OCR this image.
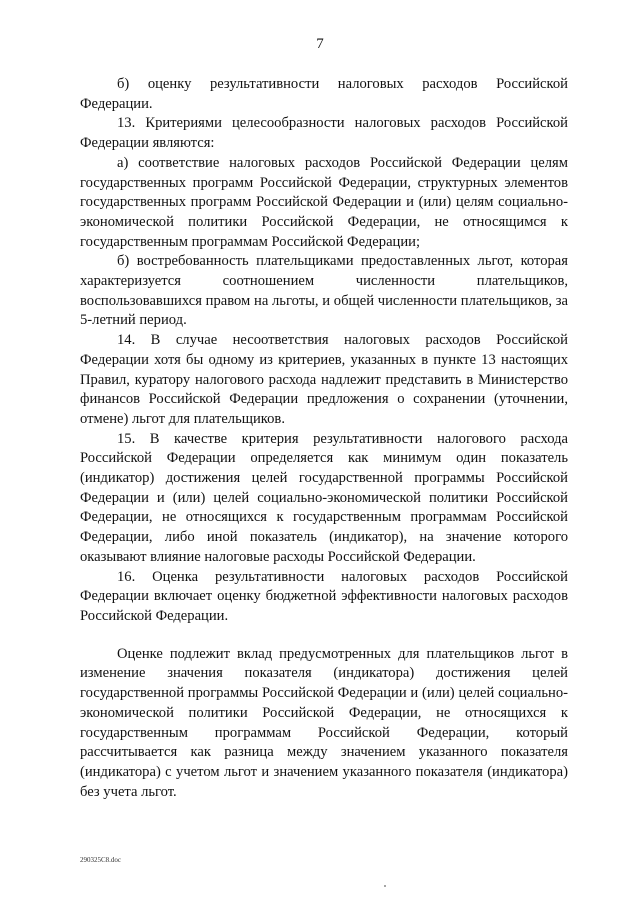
7

б) оценку результативности налоговых расходов Российской Федерации.

13. Критериями целесообразности налоговых расходов Российской Федерации являются:

а) соответствие налоговых расходов Российской Федерации целям государственных программ Российской Федерации, структурных элементов государственных программ Российской Федерации и (или) целям социально-экономической политики Российской Федерации, не относящимся к государственным программам Российской Федерации;

б) востребованность плательщиками предоставленных льгот, которая характеризуется соотношением численности плательщиков, воспользовавшихся правом на льготы, и общей численности плательщиков, за 5-летний период.

14. В случае несоответствия налоговых расходов Российской Федерации хотя бы одному из критериев, указанных в пункте 13 настоящих Правил, куратору налогового расхода надлежит представить в Министерство финансов Российской Федерации предложения о сохранении (уточнении, отмене) льгот для плательщиков.

15. В качестве критерия результативности налогового расхода Российской Федерации определяется как минимум один показатель (индикатор) достижения целей государственной программы Российской Федерации и (или) целей социально-экономической политики Российской Федерации, не относящихся к государственным программам Российской Федерации, либо иной показатель (индикатор), на значение которого оказывают влияние налоговые расходы Российской Федерации.

16. Оценка результативности налоговых расходов Российской Федерации включает оценку бюджетной эффективности налоговых расходов Российской Федерации.

Оценке подлежит вклад предусмотренных для плательщиков льгот в изменение значения показателя (индикатора) достижения целей государственной программы Российской Федерации и (или) целей социально-экономической политики Российской Федерации, не относящихся к государственным программам Российской Федерации, который рассчитывается как разница между значением указанного показателя (индикатора) с учетом льгот и значением указанного показателя (индикатора) без учета льгот.

290325C8.doc
